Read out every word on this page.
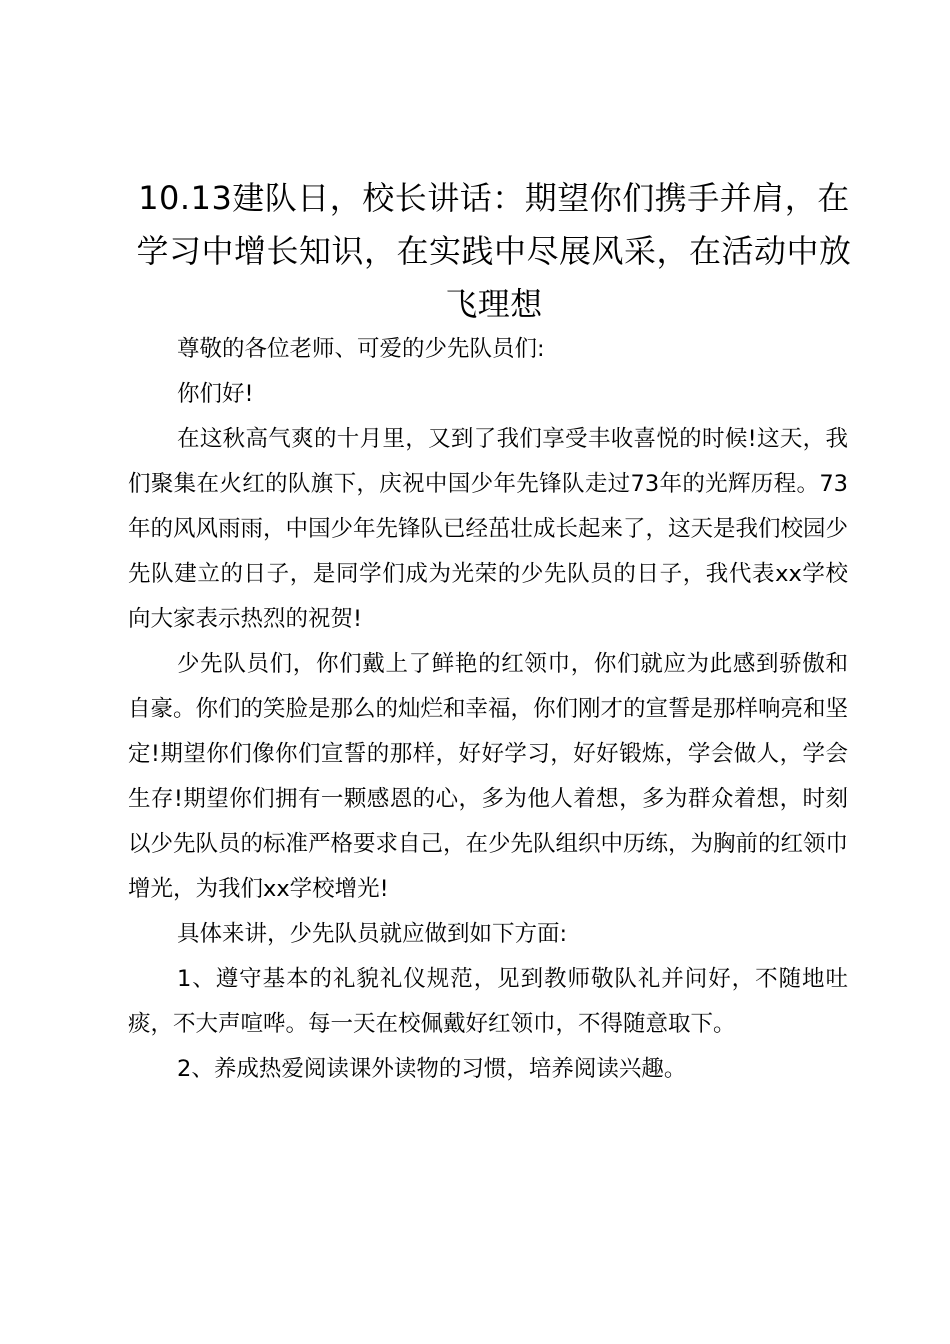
10.13建队日，校长讲话：期望你们携手并肩，在学习中增长知识，在实践中尽展风采，在活动中放飞理想

尊敬的各位老师、可爱的少先队员们:

你们好!

在这秋高气爽的十月里，又到了我们享受丰收喜悦的时候!这天，我们聚集在火红的队旗下，庆祝中国少年先锋队走过73年的光辉历程。73年的风风雨雨，中国少年先锋队已经茁壮成长起来了，这天是我们校园少先队建立的日子，是同学们成为光荣的少先队员的日子，我代表xx学校向大家表示热烈的祝贺!

少先队员们，你们戴上了鲜艳的红领巾，你们就应为此感到骄傲和自豪。你们的笑脸是那么的灿烂和幸福，你们刚才的宣誓是那样响亮和坚定!期望你们像你们宣誓的那样，好好学习，好好锻炼，学会做人，学会生存!期望你们拥有一颗感恩的心，多为他人着想，多为群众着想，时刻以少先队员的标准严格要求自己，在少先队组织中历练，为胸前的红领巾增光，为我们xx学校增光!

具体来讲，少先队员就应做到如下方面:

1、遵守基本的礼貌礼仪规范，见到教师敬队礼并问好，不随地吐痰，不大声喧哗。每一天在校佩戴好红领巾，不得随意取下。

2、养成热爱阅读课外读物的习惯，培养阅读兴趣。
